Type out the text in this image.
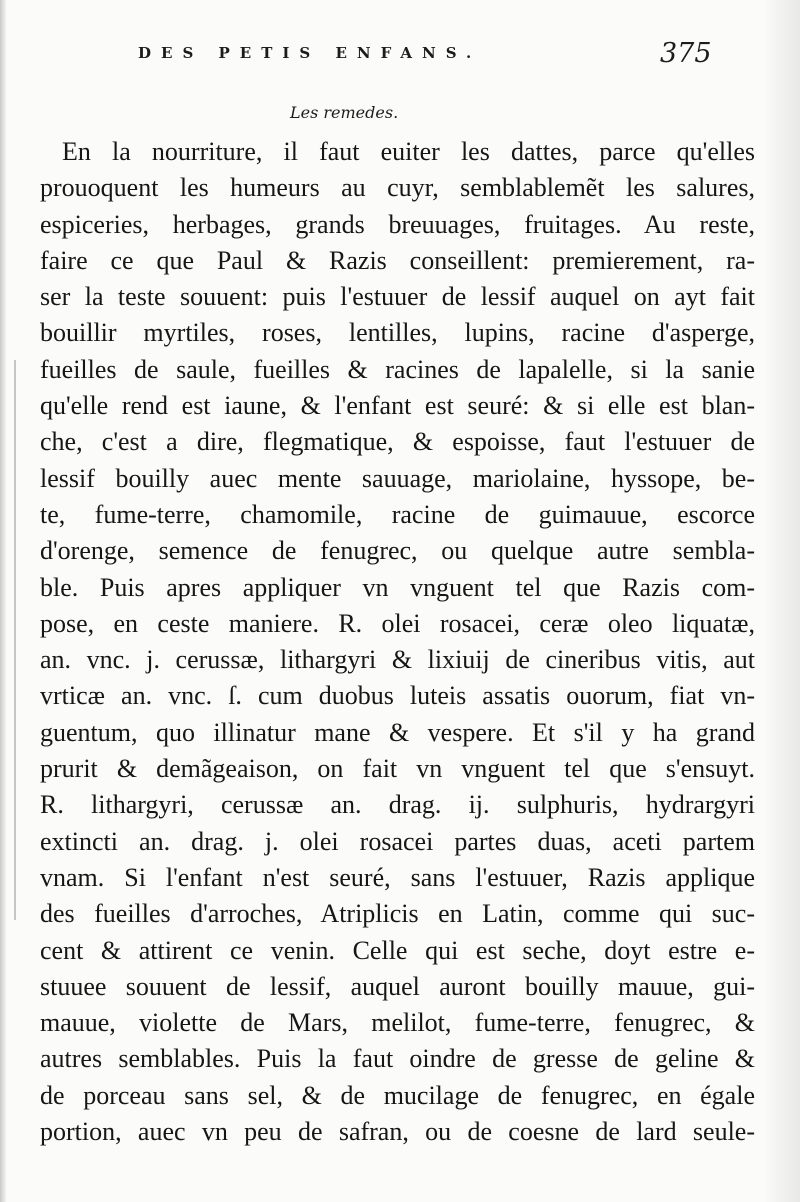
DES PETIS ENFANS.	375
Les remedes.
En la nourriture, il faut euiter les dattes, parce qu'elles
prouoquent les humeurs au cuyr, semblablemẽt les salures,
espiceries, herbages, grands breuuages, fruitages. Au reste,
faire ce que Paul & Razis conseillent: premierement, ra-
ser la teste souuent: puis l'estuuer de lessif auquel on ayt fait
bouillir myrtiles, roses, lentilles, lupins, racine d'asperge,
fueilles de saule, fueilles & racines de lapalelle, si la sanie
qu'elle rend est iaune, & l'enfant est seuré: & si elle est blan-
che, c'est a dire, flegmatique, & espoisse, faut l'estuuer de
lessif bouilly auec mente sauuage, mariolaine, hyssope, be-
te, fume-terre, chamomile, racine de guimauue, escorce
d'orenge, semence de fenugrec, ou quelque autre sembla-
ble. Puis apres appliquer vn vnguent tel que Razis com-
pose, en ceste maniere. R. olei rosacei, ceræ oleo liquatæ,
an. vnc. j. cerussæ, lithargyri & lixiuij de cineribus vitis, aut
vrticæ an. vnc. ſ. cum duobus luteis assatis ouorum, fiat vn-
guentum, quo illinatur mane & vespere. Et s'il y ha grand
prurit & demãgeaison, on fait vn vnguent tel que s'ensuyt.
R. lithargyri, cerussæ an. drag. ij. sulphuris, hydrargyri
extincti an. drag. j. olei rosacei partes duas, aceti partem
vnam. Si l'enfant n'est seuré, sans l'estuuer, Razis applique
des fueilles d'arroches, Atriplicis en Latin, comme qui suc-
cent & attirent ce venin. Celle qui est seche, doyt estre e-
stuuee souuent de lessif, auquel auront bouilly mauue, gui-
mauue, violette de Mars, melilot, fume-terre, fenugrec, &
autres semblables. Puis la faut oindre de gresse de geline &
de porceau sans sel, & de mucilage de fenugrec, en égale
portion, auec vn peu de safran, ou de coesne de lard seule-
